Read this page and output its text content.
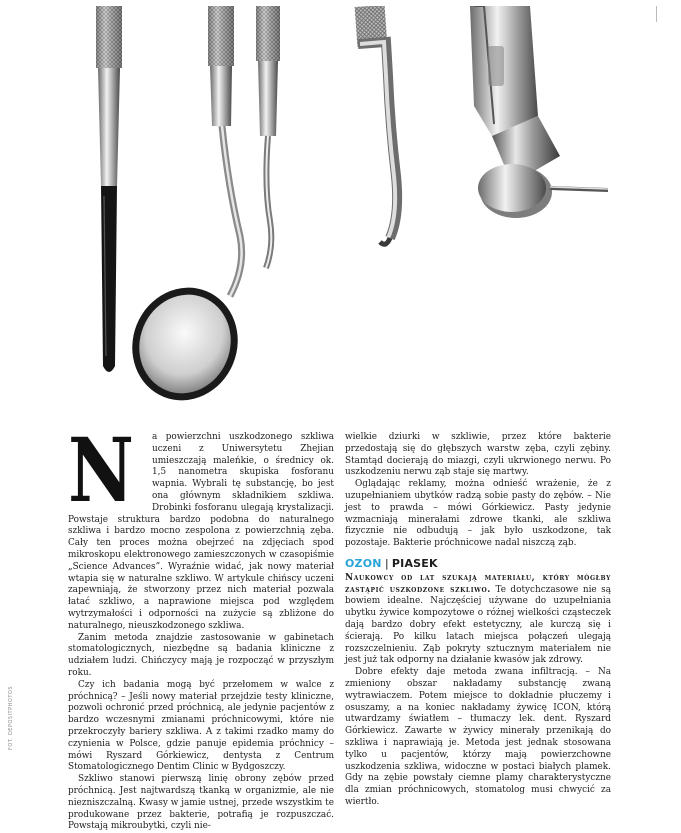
FOT. DEPOSITPHOTOS
N	a powierzchni uszkodzonego szkliwa uczeni z Uniwersytetu Zhejian umieszczają maleńkie, o średnicy ok. 1,5 nanometra skupiska fosforanu wapnia. Wybrali tę substancję, bo jest ona głównym składnikiem szkliwa. Drobinki fosforanu ulegają krystalizacji. Powstaje struktura bardzo podobna do naturalnego szkliwa i bardzo mocno zespolona z powierzchnią zęba. Cały ten proces można obejrzeć na zdjęciach spod mikroskopu elektronowego zamieszczonych w czasopiśmie „Science Advances”. Wyraźnie widać, jak nowy materiał wtapia się w naturalne szkliwo. W artykule chińscy uczeni zapewniają, że stworzony przez nich materiał pozwala łatać szkliwo, a naprawione miejsca pod względem wytrzymałości i odporności na zużycie są zbliżone do naturalnego, nieuszkodzonego szkliwa.

Zanim metoda znajdzie zastosowanie w gabinetach stomatologicznych, niezbędne są badania kliniczne z udziałem ludzi. Chińczycy mają je rozpocząć w przyszłym roku.

Czy ich badania mogą być przełomem w walce z próchnicą? – Jeśli nowy materiał przejdzie testy kliniczne, pozwoli ochronić przed próchnicą, ale jedynie pacjentów z bardzo wczesnymi zmianami próchnicowymi, które nie przekroczyły bariery szkliwa. A z takimi rzadko mamy do czynienia w Polsce, gdzie panuje epidemia próchnicy – mówi Ryszard Górkiewicz, dentysta z Centrum Stomatologicznego Dentim Clinic w Bydgoszczy.

Szkliwo stanowi pierwszą linię obrony zębów przed próchnicą. Jest najtwardszą tkanką w organizmie, ale nie niezniszczalną. Kwasy w jamie ustnej, przede wszystkim te produkowane przez bakterie, potrafią je rozpuszczać. Powstają mikroubytki, czyli nie-

wielkie dziurki w szkliwie, przez które bakterie przedostają się do głębszych warstw zęba, czyli zębiny. Stamtąd docierają do miazgi, czyli ukrwionego nerwu. Po uszkodzeniu nerwu ząb staje się martwy.

Oglądając reklamy, można odnieść wrażenie, że z uzupełnianiem ubytków radzą sobie pasty do zębów. – Nie jest to prawda – mówi Górkiewicz. Pasty jedynie wzmacniają minerałami zdrowe tkanki, ale szkliwa fizycznie nie odbudują – jak było uszkodzone, tak pozostaje. Bakterie próchnicowe nadal niszczą ząb.

OZON | PIASEK

Naukowcy od lat szukają materiału, który mógłby zastąpić uszkodzone szkliwo. Te dotychczasowe nie są bowiem idealne. Najczęściej używane do uzupełniania ubytku żywice kompozytowe o różnej wielkości cząsteczek dają bardzo dobry efekt estetyczny, ale kurczą się i ścierają. Po kilku latach miejsca połączeń ulegają rozszczelnieniu. Ząb pokryty sztucznym materiałem nie jest już tak odporny na działanie kwasów jak zdrowy.

Dobre efekty daje metoda zwana infiltracją. – Na zmieniony obszar nakładamy substancję zwaną wytrawiaczem. Potem miejsce to dokładnie płuczemy i osuszamy, a na koniec nakładamy żywicę ICON, którą utwardzamy światłem – tłumaczy lek. dent. Ryszard Górkiewicz. Zawarte w żywicy minerały przenikają do szkliwa i naprawiają je. Metoda jest jednak stosowana tylko u pacjentów, którzy mają powierzchowne uszkodzenia szkliwa, widoczne w postaci białych plamek. Gdy na zębie powstały ciemne plamy charakterystyczne dla zmian próchnicowych, stomatolog musi chwycić za wiertło.
